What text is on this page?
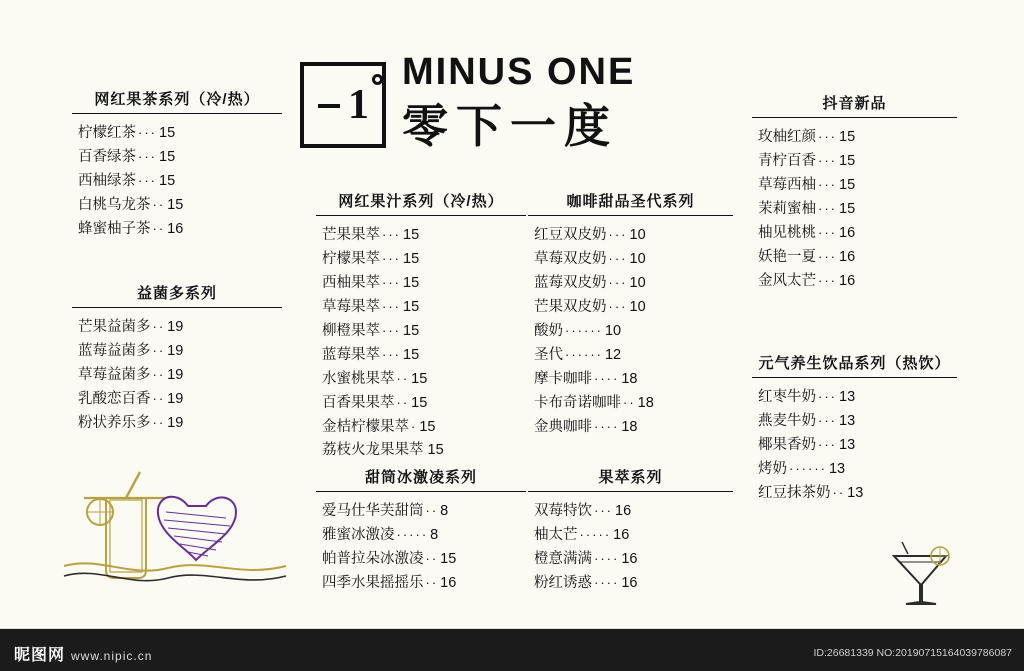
1
MINUS ONE
零下一度
网红果茶系列（冷/热）
柠檬红茶 ··· 15
百香绿茶 ··· 15
西柚绿茶 ··· 15
白桃乌龙茶 ·· 15
蜂蜜柚子茶 ·· 16
益菌多系列
芒果益菌多 ·· 19
蓝莓益菌多 ·· 19
草莓益菌多 ·· 19
乳酸恋百香 ·· 19
粉状养乐多 ·· 19
网红果汁系列（冷/热）
芒果果萃 ··· 15
柠檬果萃 ··· 15
西柚果萃 ··· 15
草莓果萃 ··· 15
柳橙果萃 ··· 15
蓝莓果萃 ··· 15
水蜜桃果萃 ·· 15
百香果果萃 ·· 15
金桔柠檬果萃 · 15
荔枝火龙果果萃 15
咖啡甜品圣代系列
红豆双皮奶 ··· 10
草莓双皮奶 ··· 10
蓝莓双皮奶 ··· 10
芒果双皮奶 ··· 10
酸奶 ······ 10
圣代 ······ 12
摩卡咖啡 ···· 18
卡布奇诺咖啡 ·· 18
金典咖啡 ···· 18
甜筒冰激凌系列
爱马仕华芙甜筒 ·· 8
雅蜜冰激凌 ····· 8
帕普拉朵冰激凌 ·· 15
四季水果摇摇乐 ·· 16
果萃系列
双莓特饮 ··· 16
柚太芒 ····· 16
橙意满满 ···· 16
粉红诱惑 ···· 16
抖音新品
玫柚红颜 ··· 15
青柠百香 ··· 15
草莓西柚 ··· 15
茉莉蜜柚 ··· 15
柚见桃桃 ··· 16
妖艳一夏 ··· 16
金风太芒 ··· 16
元气养生饮品系列（热饮）
红枣牛奶 ··· 13
燕麦牛奶 ··· 13
椰果香奶 ··· 13
烤奶 ······ 13
红豆抹茶奶 ·· 13
昵图网 www.nipic.cn	ID:26681339 NO:20190715164039786087
